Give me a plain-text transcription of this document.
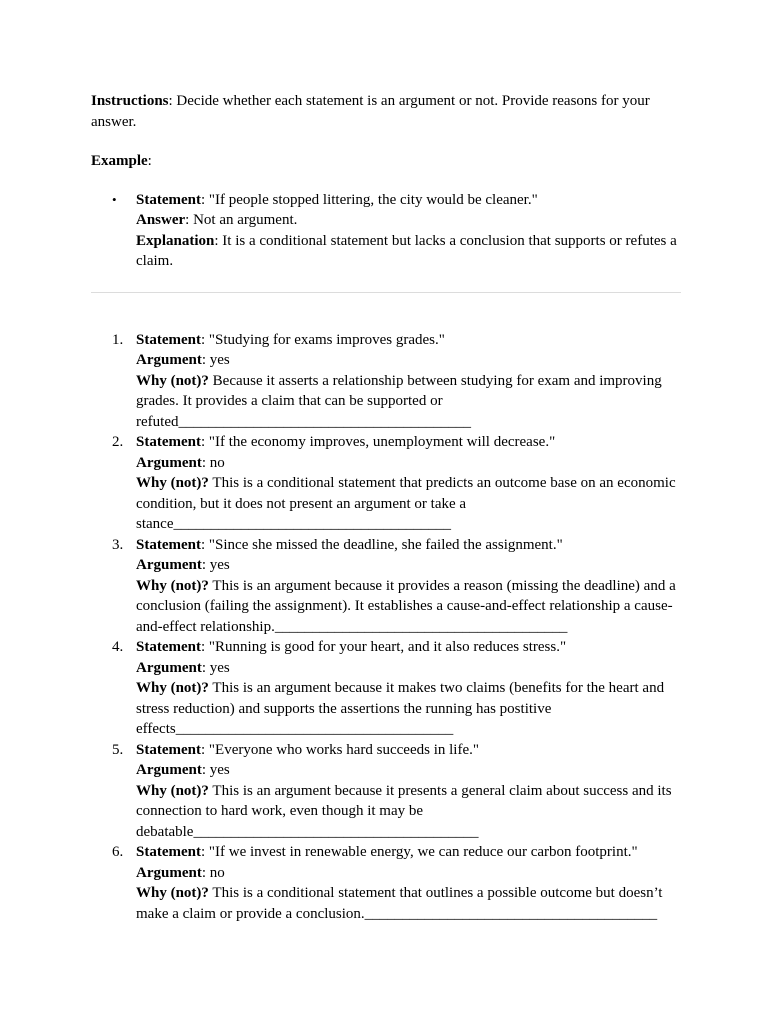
Instructions: Decide whether each statement is an argument or not. Provide reasons for your answer.

Example:

• Statement: "If people stopped littering, the city would be cleaner."
Answer: Not an argument.
Explanation: It is a conditional statement but lacks a conclusion that supports or refutes a claim.
1. Statement: "Studying for exams improves grades."
Argument: yes
Why (not)? Because it asserts a relationship between studying for exam and improving grades. It provides a claim that can be supported or refuted_______________________________________
2. Statement: "If the economy improves, unemployment will decrease."
Argument: no
Why (not)? This is a conditional statement that predicts an outcome base on an economic condition, but it does not present an argument or take a stance_____________________________________
3. Statement: "Since she missed the deadline, she failed the assignment."
Argument: yes
Why (not)? This is an argument because it provides a reason (missing the deadline) and a conclusion (failing the assignment). It establishes a cause-and-effect relationship a cause-and-effect relationship._______________________________________
4. Statement: "Running is good for your heart, and it also reduces stress."
Argument: yes
Why (not)? This is an argument because it makes two claims (benefits for the heart and stress reduction) and supports the assertions the running has postitive effects_____________________________________
5. Statement: "Everyone who works hard succeeds in life."
Argument: yes
Why (not)? This is an argument because it presents a general claim about success and its connection to hard work, even though it may be debatable______________________________________
6. Statement: "If we invest in renewable energy, we can reduce our carbon footprint."
Argument: no
Why (not)? This is a conditional statement that outlines a possible outcome but doesn’t make a claim or provide a conclusion._______________________________________
